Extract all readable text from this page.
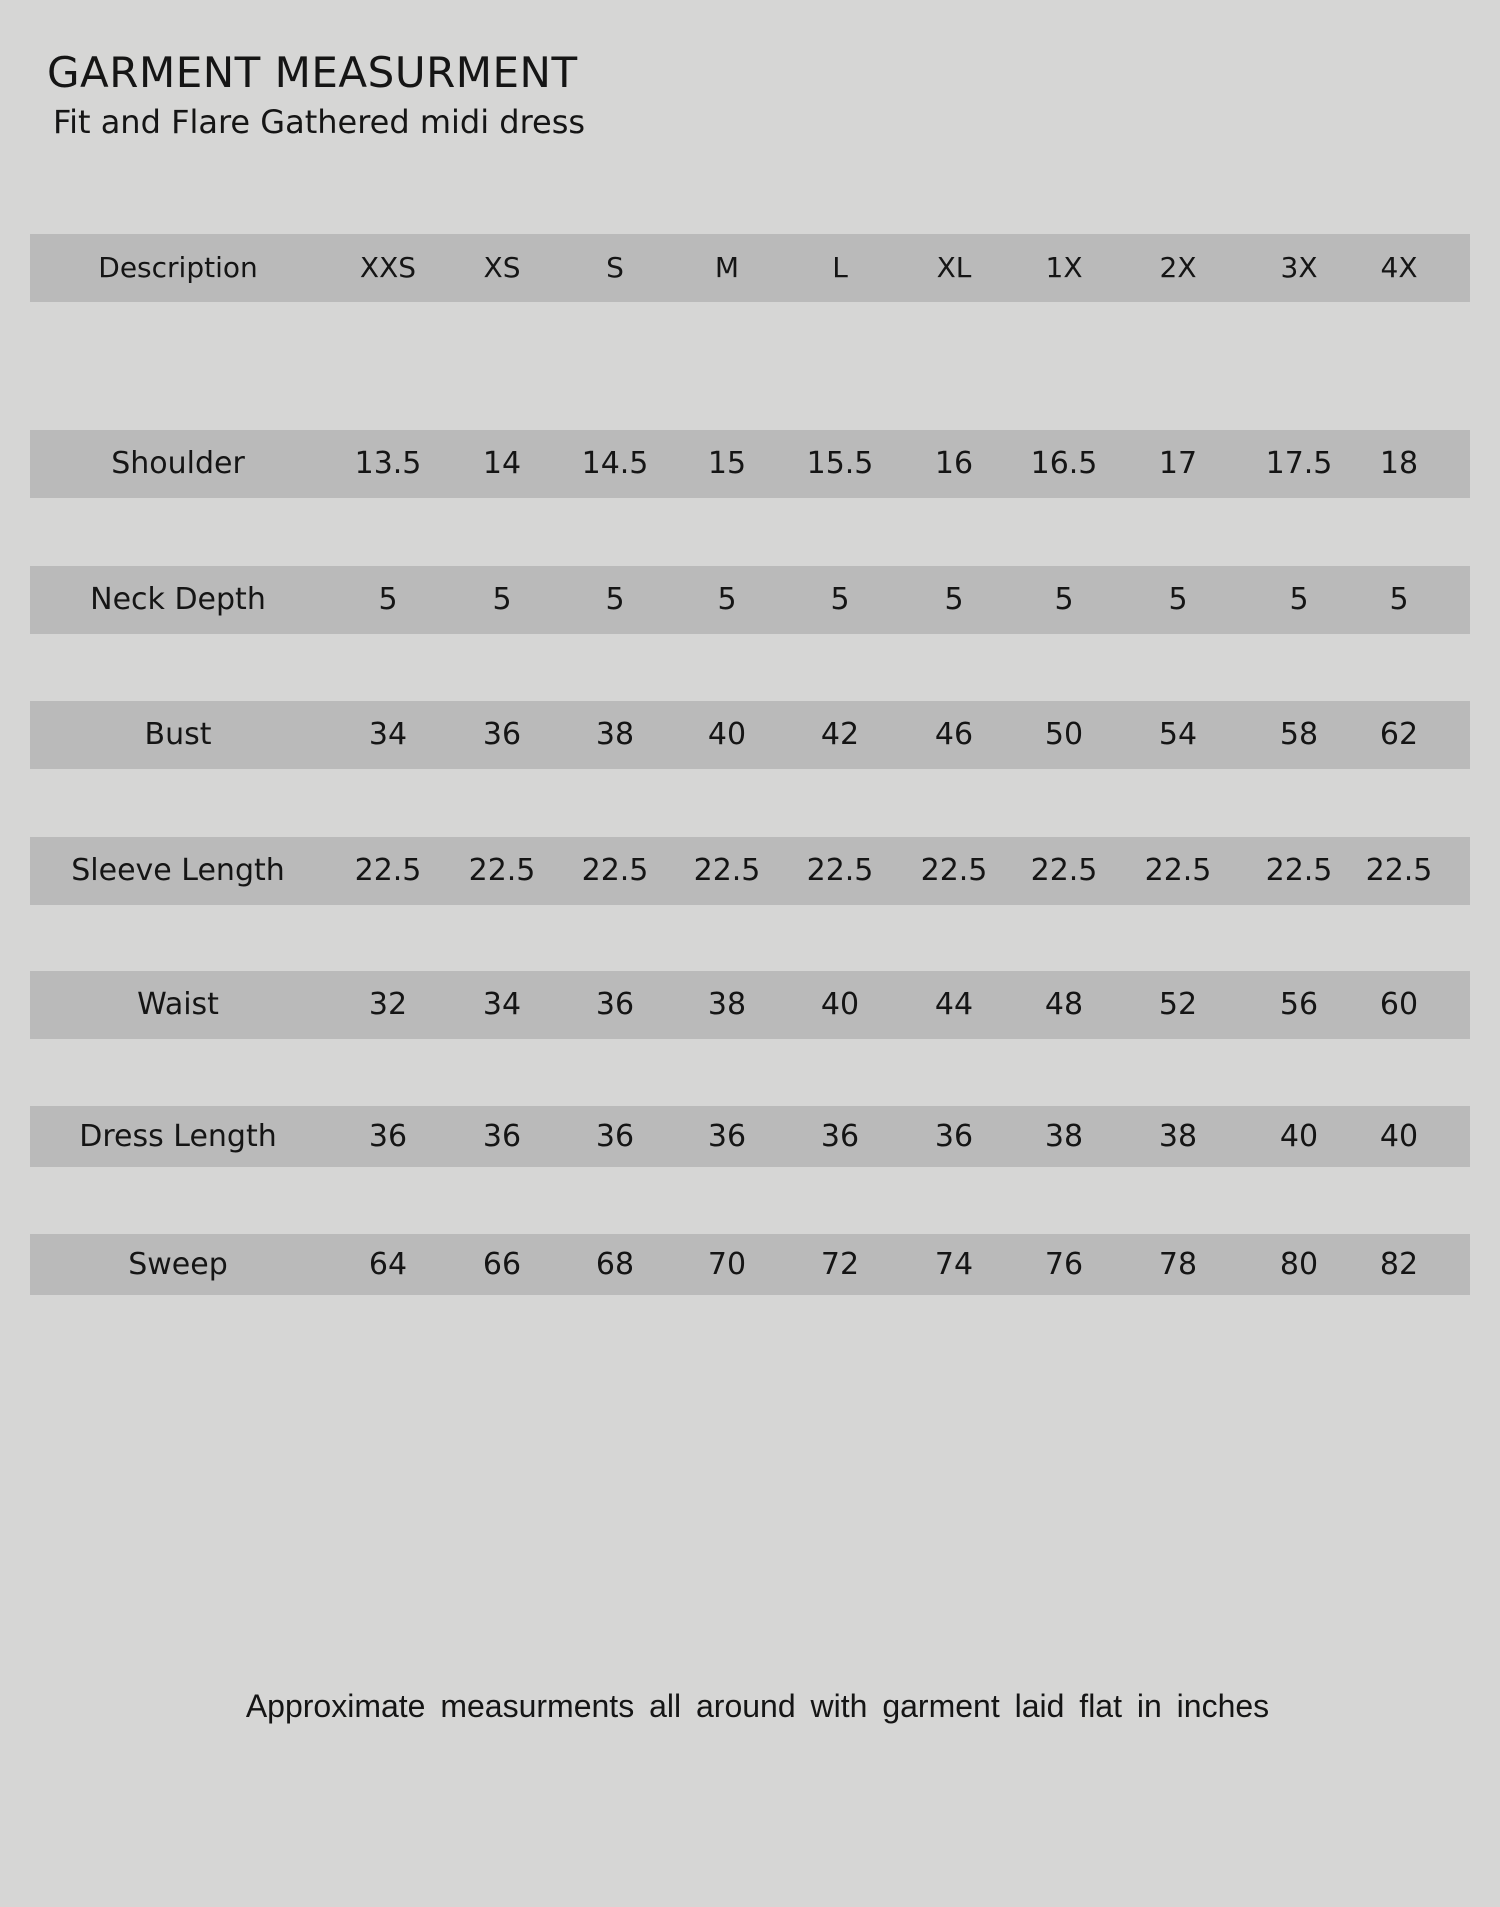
GARMENT MEASURMENT
Fit and Flare Gathered midi dress
Description	XXS XS	S	M	L	XL	1X	2X	3X 4X
Shoulder	13.5 14 14.5 15 15.5 16 16.5 17 17.5 18
Neck Depth	5	5	5	5	5	5	5	5	5	5
Bust	34	36 38 40 42	46 50	54	58 62
Sleeve Length 22.5 22.5 22.5 22.5 22.5 22.5 22.5 22.5 22.5 22.5
Waist	32	34 36 38 40	44 48	52	56 60
Dress Length	36	36 36 36 36	36 38	38	40 40
Sweep	64	66 68 70 72	74 76	78	80 82
Approximate measurments all around with garment laid flat in inches
